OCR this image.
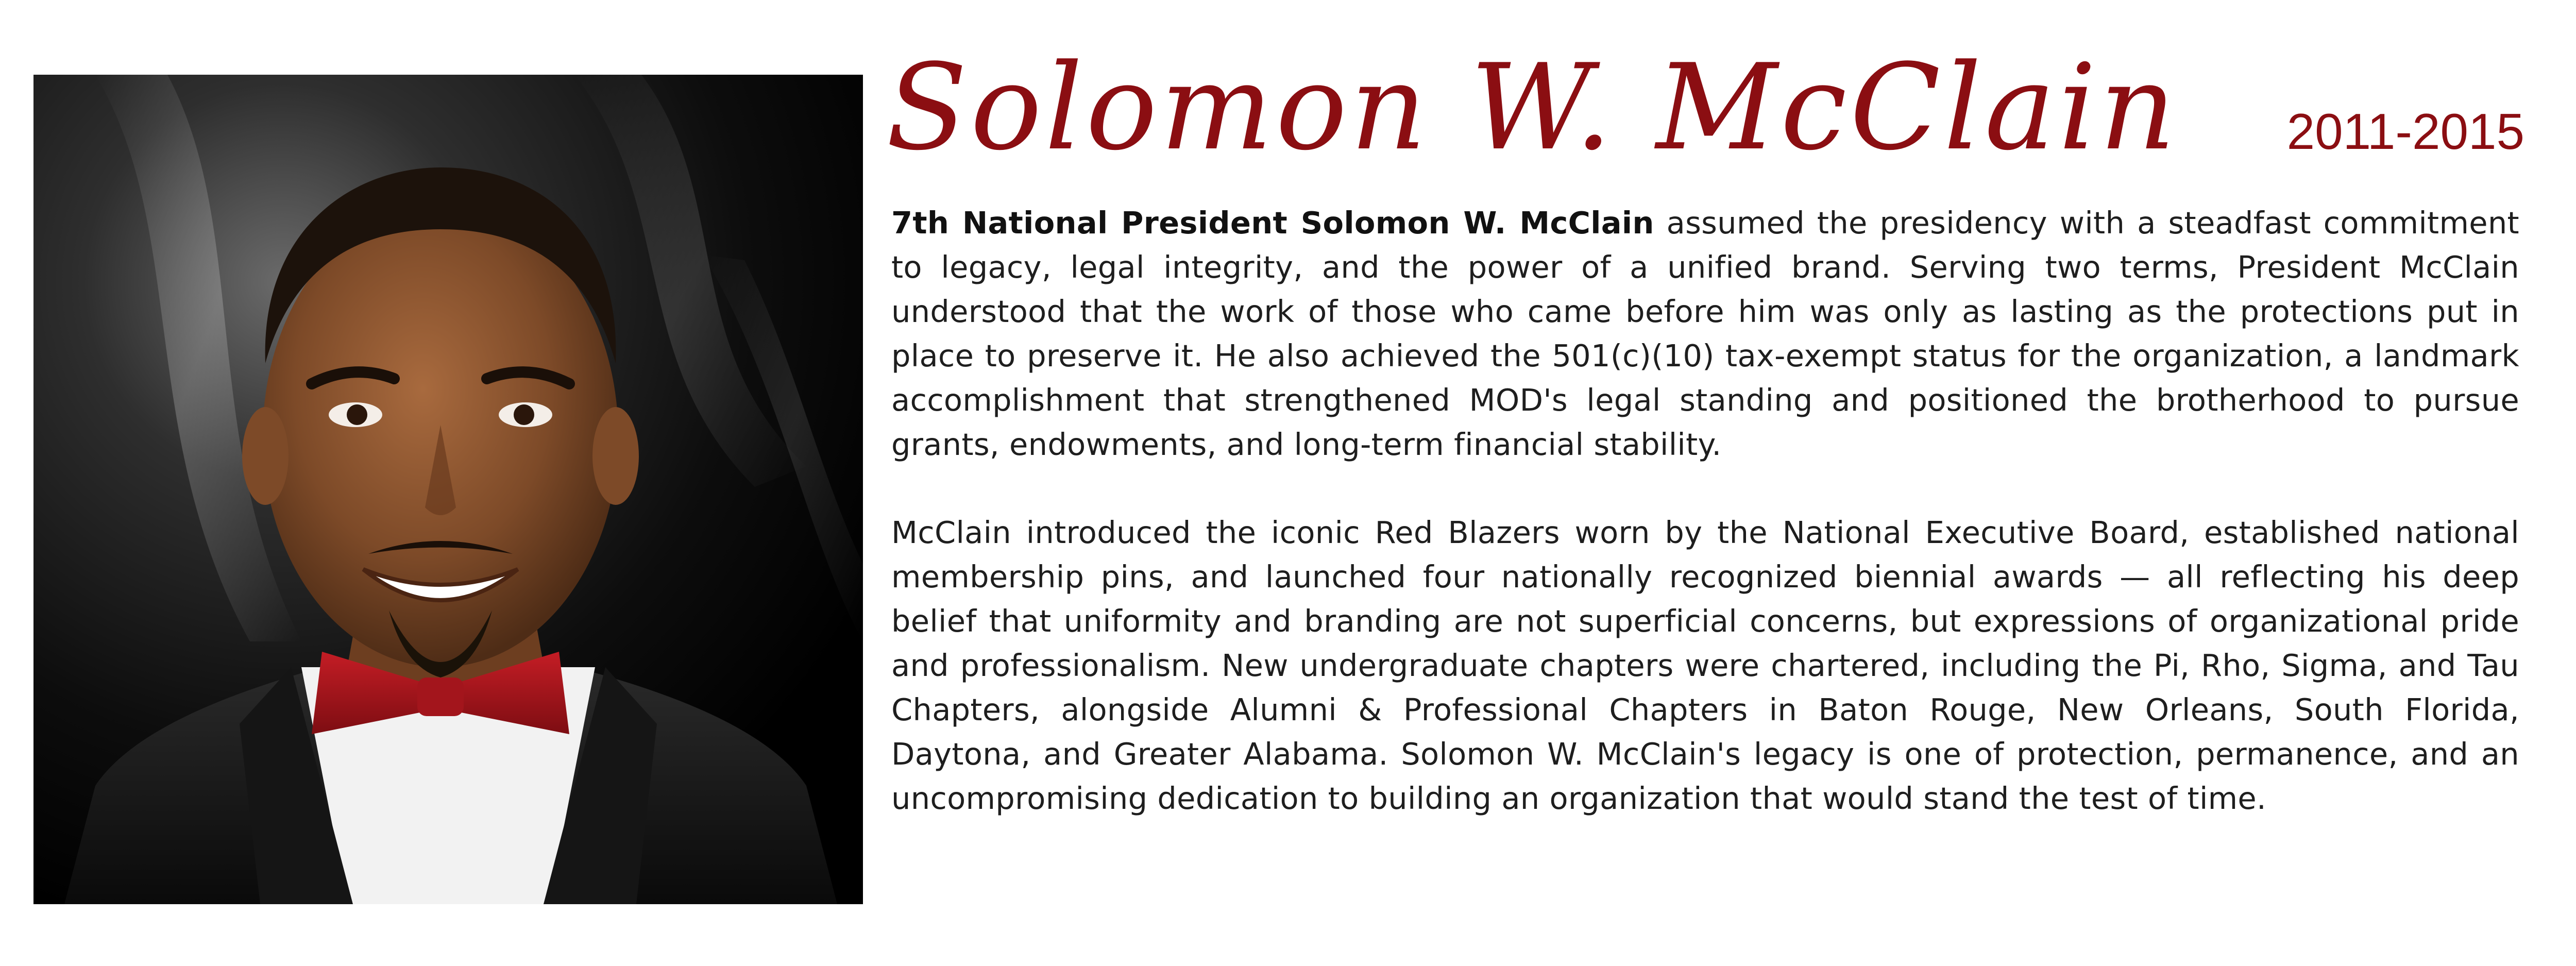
Solomon W. McClain	2011-2015

7th National President Solomon W. McClain assumed the presidency with a steadfast commitment to legacy, legal integrity, and the power of a unified brand. Serving two terms, President McClain understood that the work of those who came before him was only as lasting as the protections put in place to preserve it. He also achieved the 501(c)(10) tax-exempt status for the organization, a landmark accomplishment that strengthened MOD's legal standing and positioned the brotherhood to pursue grants, endowments, and long-term financial stability.

McClain introduced the iconic Red Blazers worn by the National Executive Board, established national membership pins, and launched four nationally recognized biennial awards — all reflecting his deep belief that uniformity and branding are not superficial concerns, but expressions of organizational pride and professionalism. New undergraduate chapters were chartered, including the Pi, Rho, Sigma, and Tau Chapters, alongside Alumni & Professional Chapters in Baton Rouge, New Orleans, South Florida, Daytona, and Greater Alabama. Solomon W. McClain's legacy is one of protection, permanence, and an uncompromising dedication to building an organization that would stand the test of time.
